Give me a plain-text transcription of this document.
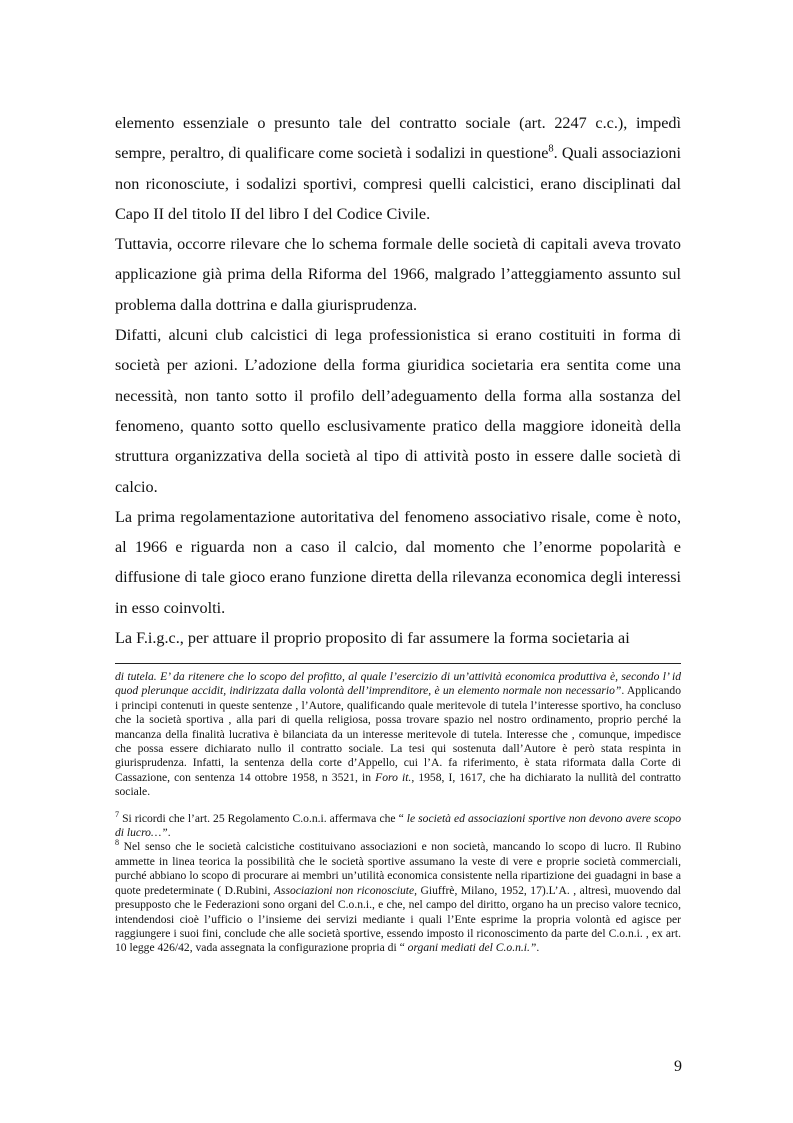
elemento essenziale o presunto tale del contratto sociale (art. 2247 c.c.), impedì sempre, peraltro, di qualificare come società i sodalizi in questione$^8$. Quali associazioni non riconosciute, i sodalizi sportivi, compresi quelli calcistici, erano disciplinati dal Capo II del titolo II del libro I del Codice Civile.

Tuttavia, occorre rilevare che lo schema formale delle società di capitali aveva trovato applicazione già prima della Riforma del 1966, malgrado l’atteggiamento assunto sul problema dalla dottrina e dalla giurisprudenza.

Difatti, alcuni club calcistici di lega professionistica si erano costituiti in forma di società per azioni. L’adozione della forma giuridica societaria era sentita come una necessità, non tanto sotto il profilo dell’adeguamento della forma alla sostanza del fenomeno, quanto sotto quello esclusivamente pratico della maggiore idoneità della struttura organizzativa della società al tipo di attività posto in essere dalle società di calcio.

La prima regolamentazione autoritativa del fenomeno associativo risale, come è noto, al 1966 e riguarda non a caso il calcio, dal momento che l’enorme popolarità e diffusione di tale gioco erano funzione diretta della rilevanza economica degli interessi in esso coinvolti.

La F.i.g.c., per attuare il proprio proposito di far assumere la forma societaria ai

di tutela. E’ da ritenere che lo scopo del profitto, al quale l’esercizio di un’attività economica produttiva è, secondo l’ id quod plerunque accidit, indirizzata dalla volontà dell’imprenditore, è un elemento normale non necessario”. Applicando i principi contenuti in queste sentenze , l’Autore, qualificando quale meritevole di tutela l’interesse sportivo, ha concluso che la società sportiva , alla pari di quella religiosa, possa trovare spazio nel nostro ordinamento, proprio perché la mancanza della finalità lucrativa è bilanciata da un interesse meritevole di tutela. Interesse che , comunque, impedisce che possa essere dichiarato nullo il contratto sociale. La tesi qui sostenuta dall’Autore è però stata respinta in giurisprudenza. Infatti, la sentenza della corte d’Appello, cui l’A. fa riferimento, è stata riformata dalla Corte di Cassazione, con sentenza 14 ottobre 1958, n 3521, in Foro it., 1958, I, 1617, che ha dichiarato la nullità del contratto sociale.

$^7$ Si ricordi che l’art. 25 Regolamento C.o.n.i. affermava che “ le società ed associazioni sportive non devono avere scopo di lucro…”.

$^8$ Nel senso che le società calcistiche costituivano associazioni e non società, mancando lo scopo di lucro. Il Rubino ammette in linea teorica la possibilità che le società sportive assumano la veste di vere e proprie società commerciali, purché abbiano lo scopo di procurare ai membri un’utilità economica consistente nella ripartizione dei guadagni in base a quote predeterminate ( D.Rubini, Associazioni non riconosciute, Giuffrè, Milano, 1952, 17).L’A. , altresì, muovendo dal presupposto che le Federazioni sono organi del C.o.n.i., e che, nel campo del diritto, organo ha un preciso valore tecnico, intendendosi cioè l’ufficio o l’insieme dei servizi mediante i quali l’Ente esprime la propria volontà ed agisce per raggiungere i suoi fini, conclude che alle società sportive, essendo imposto il riconoscimento da parte del C.o.n.i. , ex art. 10 legge 426/42, vada assegnata la configurazione propria di “ organi mediati del C.o.n.i.”.

9
